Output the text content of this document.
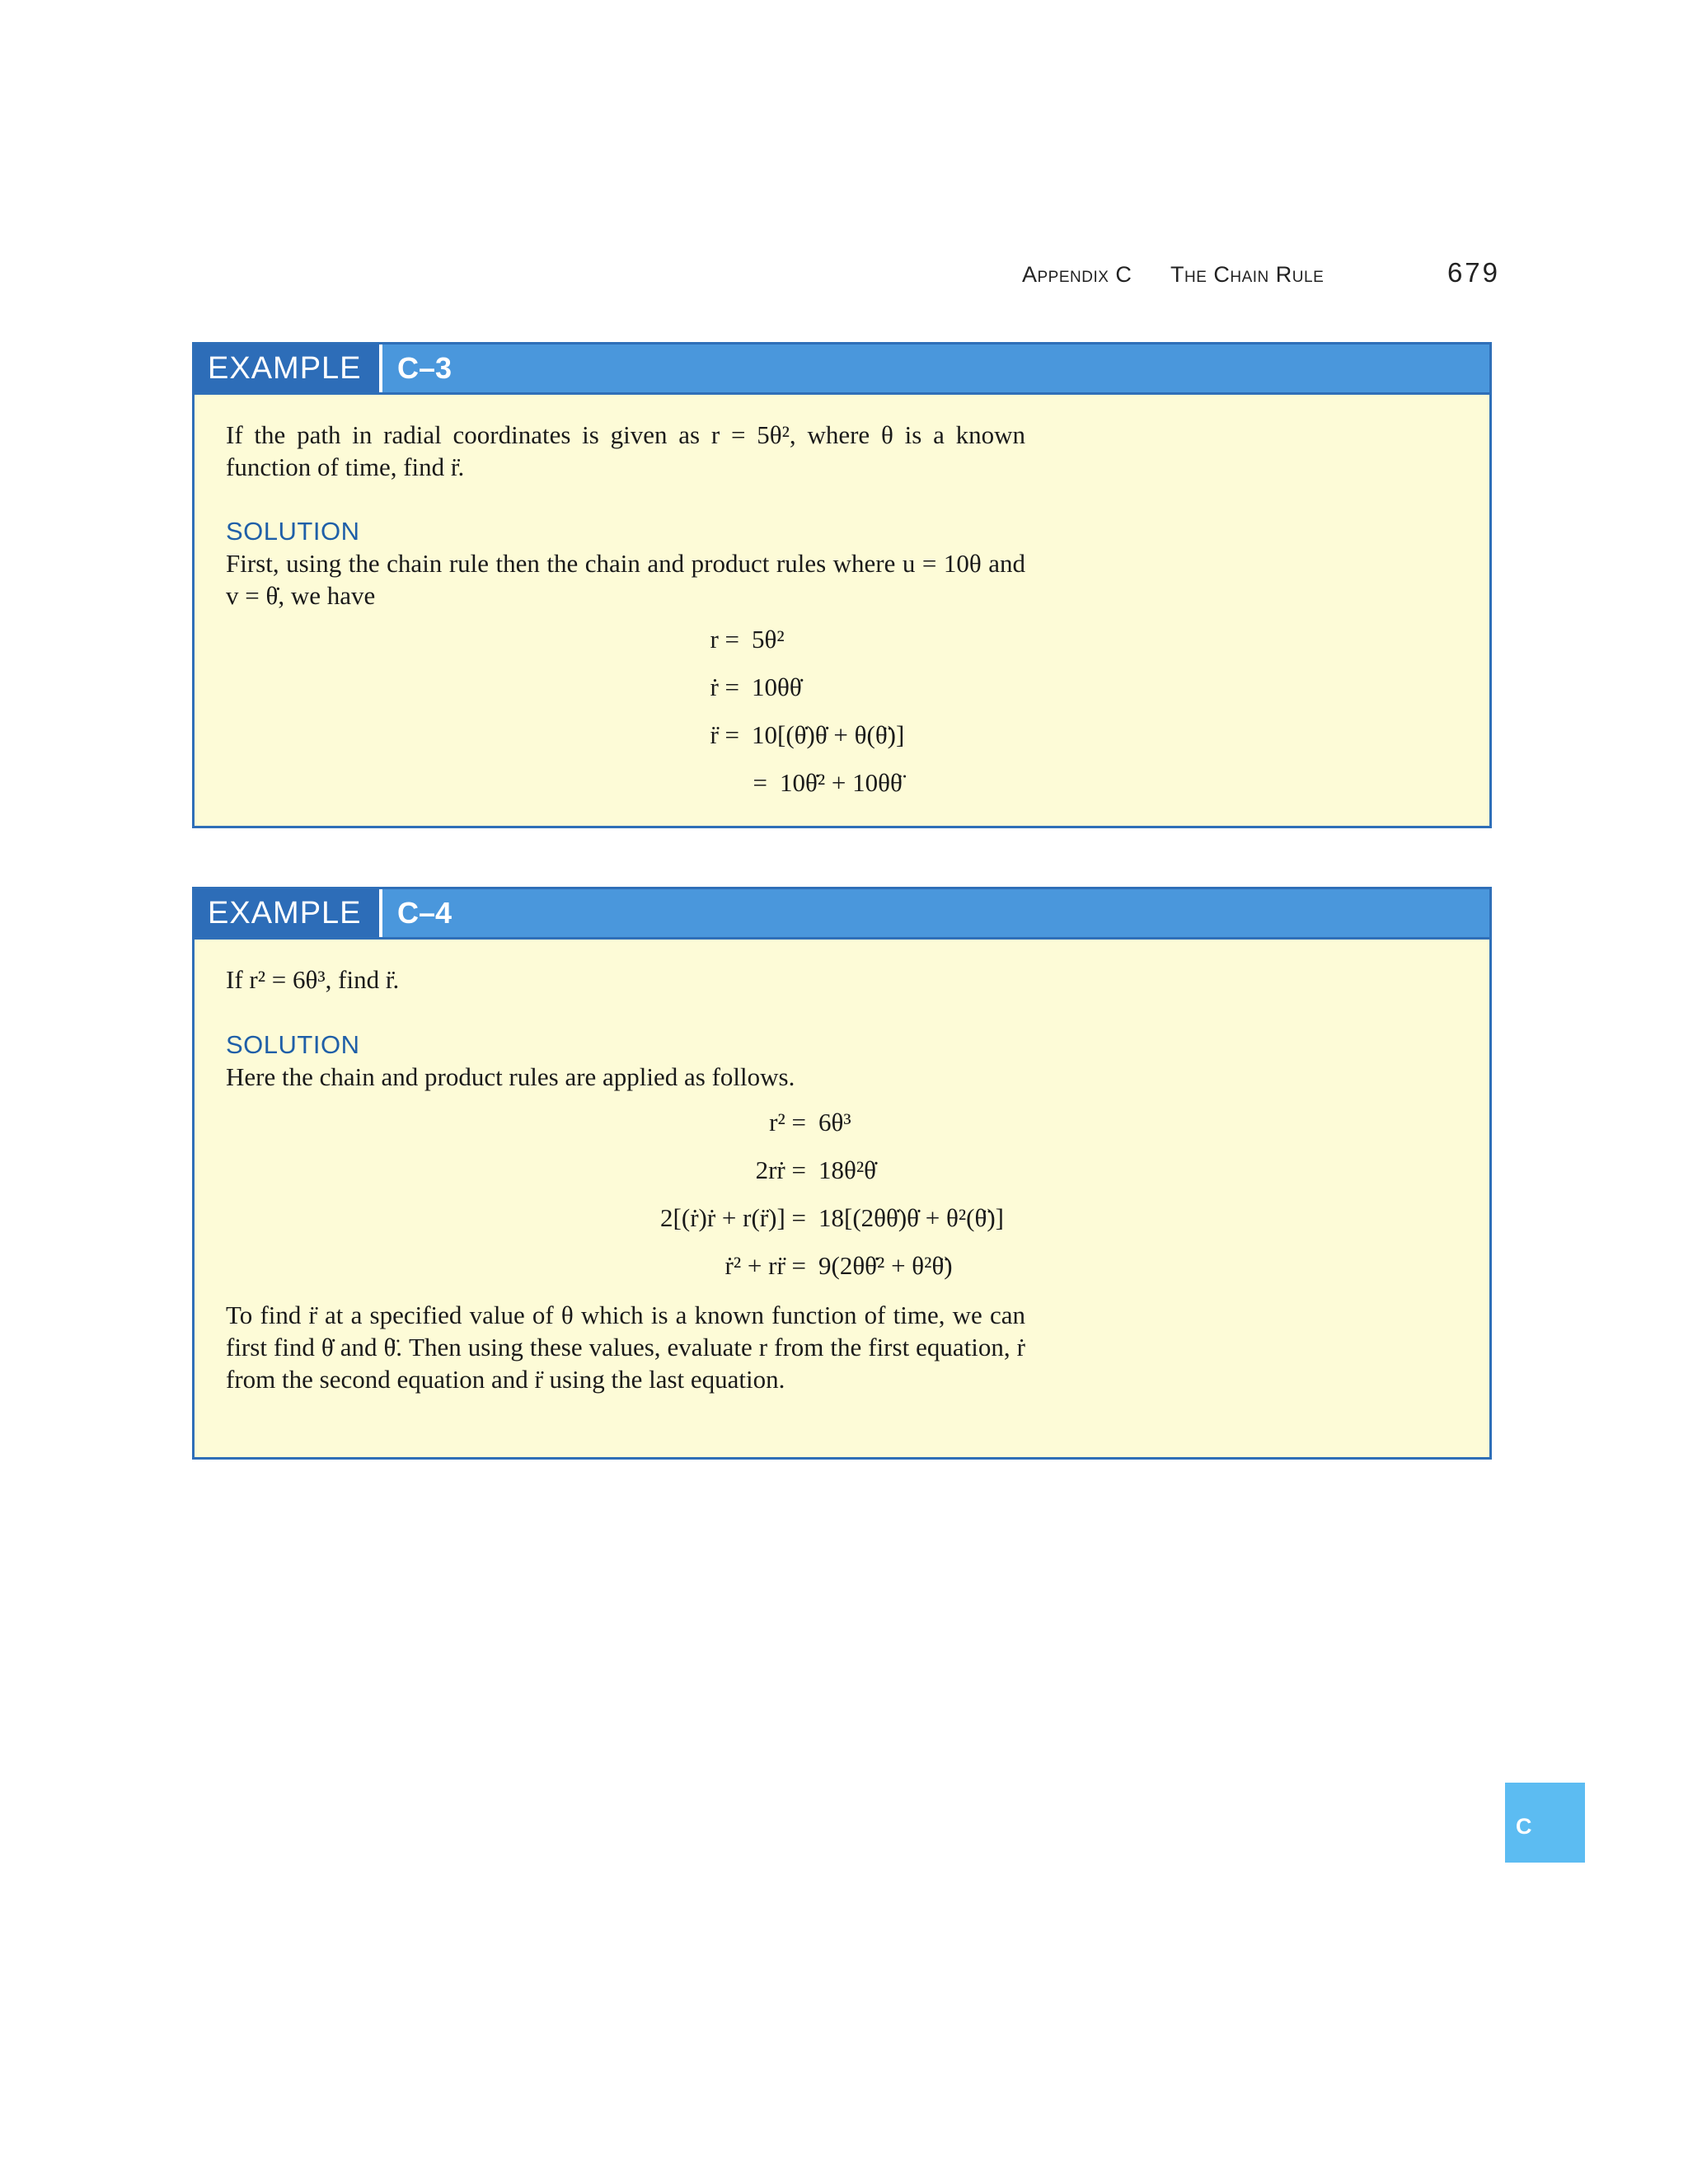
Appendix C The Chain Rule	679
EXAMPLE	C–3

If the path in radial coordinates is given as r = 5θ², where θ is a known function of time, find r̈.

SOLUTION

First, using the chain rule then the chain and product rules where u = 10θ and v = θ̇, we have

r = 5θ²
ṙ = 10θθ̇
r̈ = 10[(θ̇)θ̇ + θ(θ̈)]
= 10θ̇² + 10θθ̈
EXAMPLE	C–4

If r² = 6θ³, find r̈.

SOLUTION

Here the chain and product rules are applied as follows.

r² = 6θ³
2rṙ = 18θ²θ̇
2[(ṙ)ṙ + r(r̈)] = 18[(2θθ̇)θ̇ + θ²(θ̈)]
ṙ² + rr̈ = 9(2θθ̇² + θ²θ̈)

To find r̈ at a specified value of θ which is a known function of time, we can first find θ̇ and θ̈. Then using these values, evaluate r from the first equation, ṙ from the second equation and r̈ using the last equation.

C
